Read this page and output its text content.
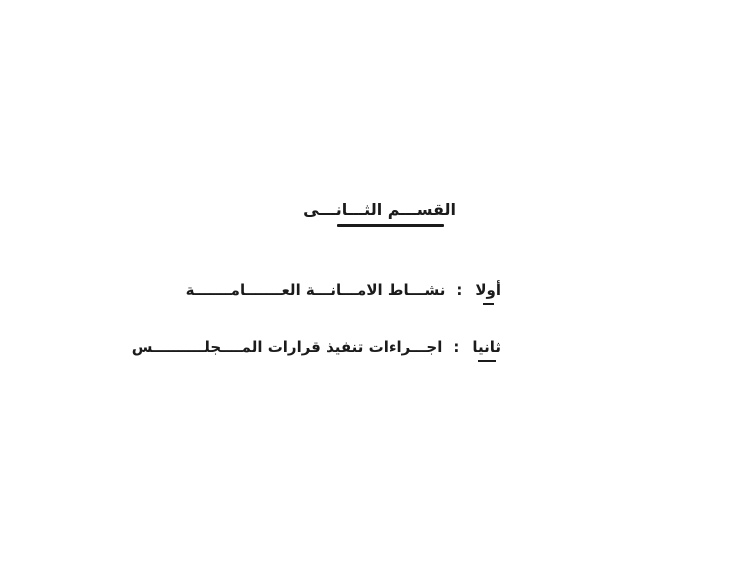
القســـم الثـــانـــى
أولا
:
نشـــاط الامـــانـــة العـــــــامـــــــة
ثانيا
:
اجـــراءات تنفيذ قرارات المــــجلــــــــــس
